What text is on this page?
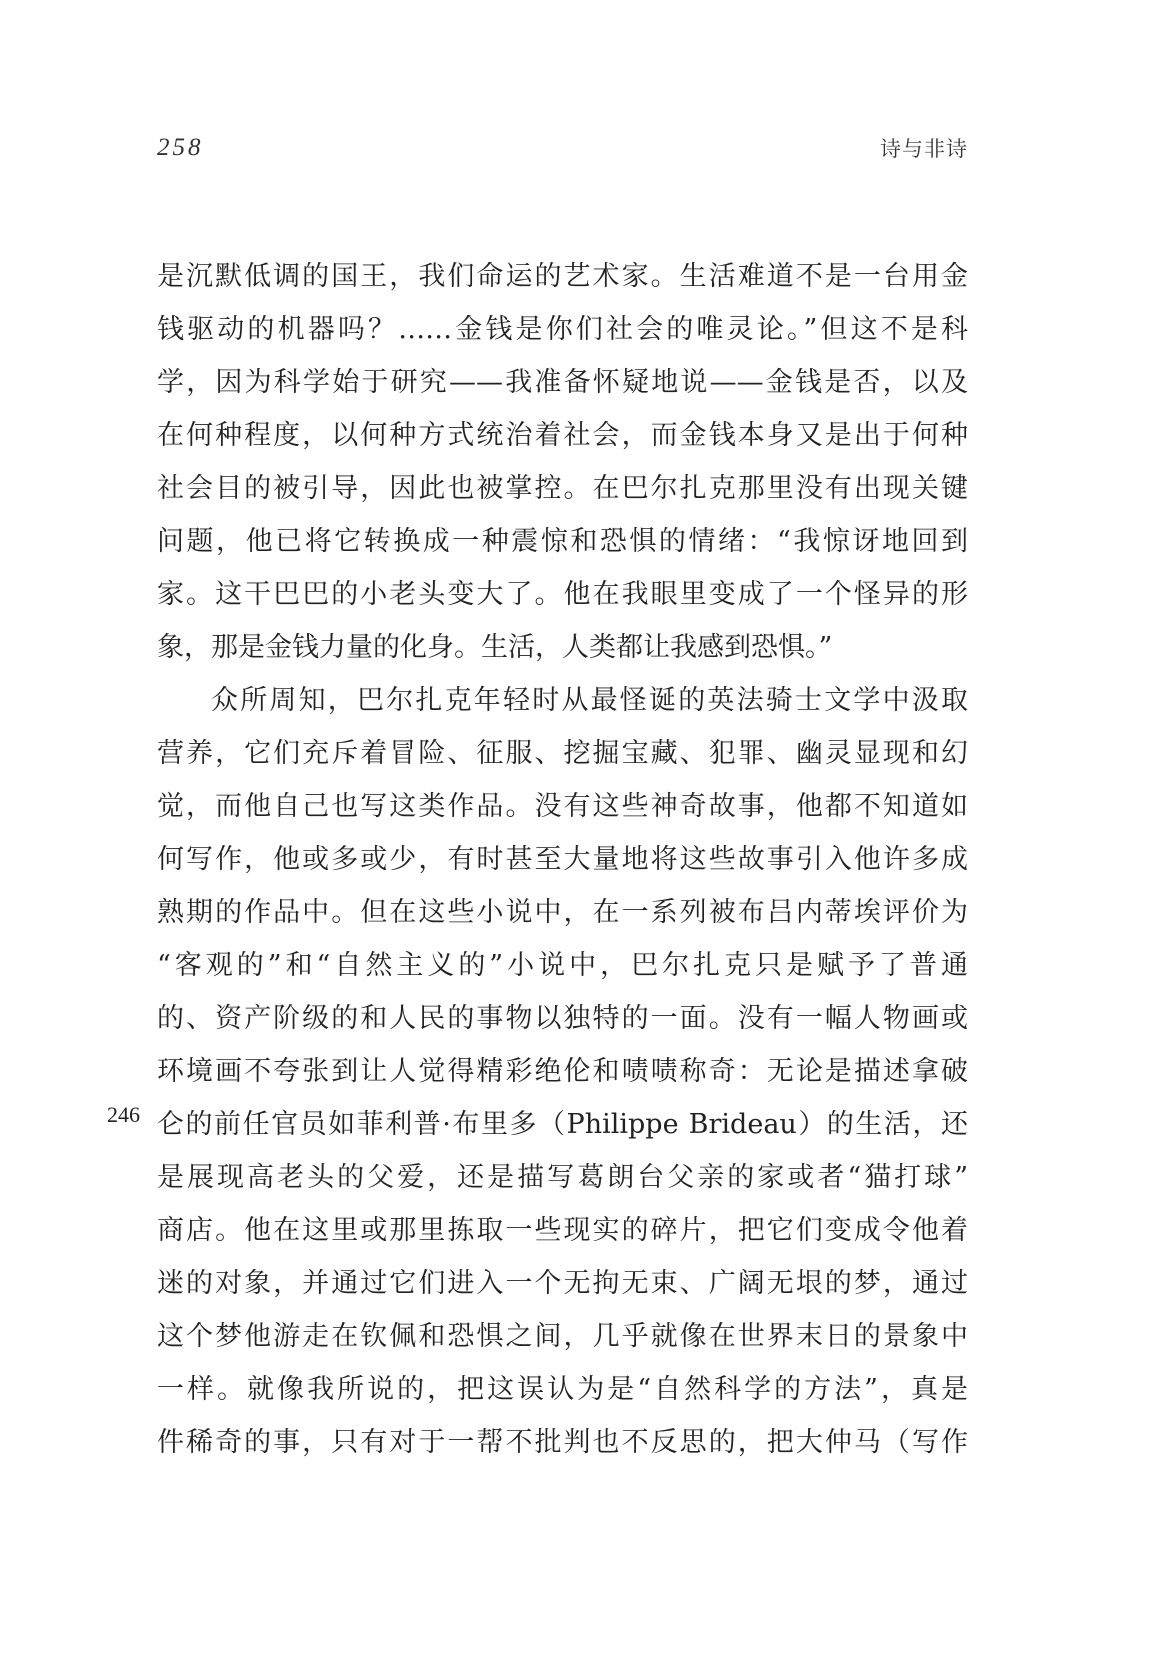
258	诗与非诗
是沉默低调的国王，我们命运的艺术家。生活难道不是一台用金
钱驱动的机器吗？……金钱是你们社会的唯灵论。”但这不是科
学，因为科学始于研究——我准备怀疑地说——金钱是否，以及
在何种程度，以何种方式统治着社会，而金钱本身又是出于何种
社会目的被引导，因此也被掌控。在巴尔扎克那里没有出现关键
问题，他已将它转换成一种震惊和恐惧的情绪：“我惊讶地回到
家。这干巴巴的小老头变大了。他在我眼里变成了一个怪异的形
象，那是金钱力量的化身。生活，人类都让我感到恐惧。”
众所周知，巴尔扎克年轻时从最怪诞的英法骑士文学中汲取
营养，它们充斥着冒险、征服、挖掘宝藏、犯罪、幽灵显现和幻
觉，而他自己也写这类作品。没有这些神奇故事，他都不知道如
何写作，他或多或少，有时甚至大量地将这些故事引入他许多成
熟期的作品中。但在这些小说中，在一系列被布吕内蒂埃评价为
“客观的”和“自然主义的”小说中，巴尔扎克只是赋予了普通
的、资产阶级的和人民的事物以独特的一面。没有一幅人物画或
环境画不夸张到让人觉得精彩绝伦和啧啧称奇：无论是描述拿破
仑的前任官员如菲利普·布里多（Philippe Brideau）的生活，还
是展现高老头的父爱，还是描写葛朗台父亲的家或者“猫打球”
商店。他在这里或那里拣取一些现实的碎片，把它们变成令他着
迷的对象，并通过它们进入一个无拘无束、广阔无垠的梦，通过
这个梦他游走在钦佩和恐惧之间，几乎就像在世界末日的景象中
一样。就像我所说的，把这误认为是“自然科学的方法”，真是
件稀奇的事，只有对于一帮不批判也不反思的，把大仲马（写作
246
